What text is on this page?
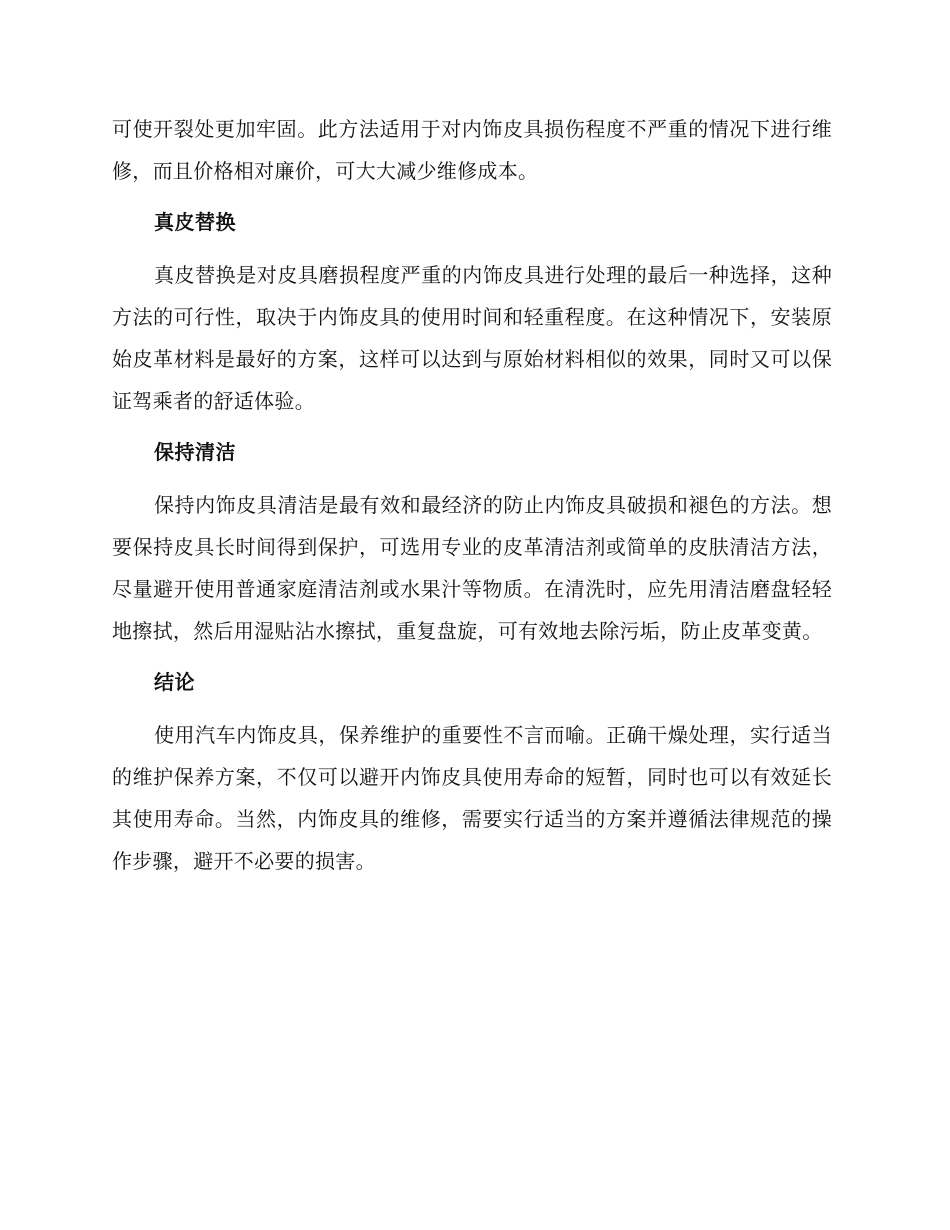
可使开裂处更加牢固。此方法适用于对内饰皮具损伤程度不严重的情况下进行维修，而且价格相对廉价，可大大减少维修成本。

真皮替换

真皮替换是对皮具磨损程度严重的内饰皮具进行处理的最后一种选择，这种方法的可行性，取决于内饰皮具的使用时间和轻重程度。在这种情况下，安装原始皮革材料是最好的方案，这样可以达到与原始材料相似的效果，同时又可以保证驾乘者的舒适体验。

保持清洁

保持内饰皮具清洁是最有效和最经济的防止内饰皮具破损和褪色的方法。想要保持皮具长时间得到保护，可选用专业的皮革清洁剂或简单的皮肤清洁方法，尽量避开使用普通家庭清洁剂或水果汁等物质。在清洗时，应先用清洁磨盘轻轻地擦拭，然后用湿贴沾水擦拭，重复盘旋，可有效地去除污垢，防止皮革变黄。

结论

使用汽车内饰皮具，保养维护的重要性不言而喻。正确干燥处理，实行适当的维护保养方案，不仅可以避开内饰皮具使用寿命的短暂，同时也可以有效延长其使用寿命。当然，内饰皮具的维修，需要实行适当的方案并遵循法律规范的操作步骤，避开不必要的损害。
